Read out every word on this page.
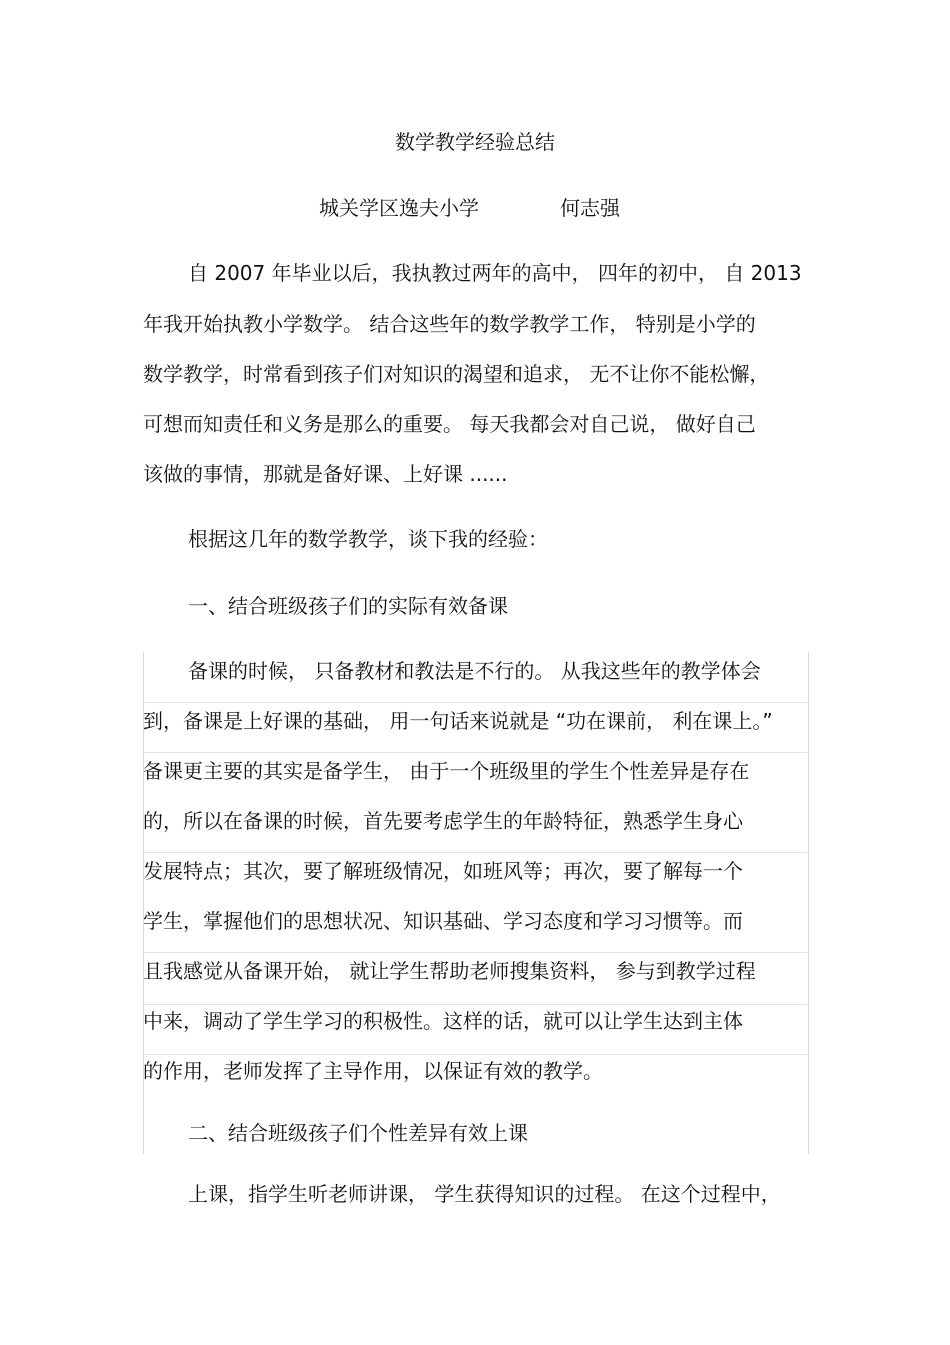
数学教学经验总结
城关学区逸夫小学	何志强
自 2007 年毕业以后，我执教过两年的高中， 四年的初中， 自 2013
年我开始执教小学数学。 结合这些年的数学教学工作， 特别是小学的
数学教学，时常看到孩子们对知识的渴望和追求， 无不让你不能松懈，
可想而知责任和义务是那么的重要。 每天我都会对自己说， 做好自己
该做的事情，那就是备好课、上好课 ......
根据这几年的数学教学，谈下我的经验：
一、结合班级孩子们的实际有效备课
备课的时候， 只备教材和教法是不行的。 从我这些年的教学体会
到，备课是上好课的基础， 用一句话来说就是 “功在课前， 利在课上。”
备课更主要的其实是备学生， 由于一个班级里的学生个性差异是存在
的，所以在备课的时候，首先要考虑学生的年龄特征，熟悉学生身心
发展特点；其次，要了解班级情况，如班风等；再次，要了解每一个
学生，掌握他们的思想状况、知识基础、学习态度和学习习惯等。而
且我感觉从备课开始， 就让学生帮助老师搜集资料， 参与到教学过程
中来，调动了学生学习的积极性。这样的话，就可以让学生达到主体
的作用，老师发挥了主导作用，以保证有效的教学。
二、结合班级孩子们个性差异有效上课
上课，指学生听老师讲课， 学生获得知识的过程。 在这个过程中，
